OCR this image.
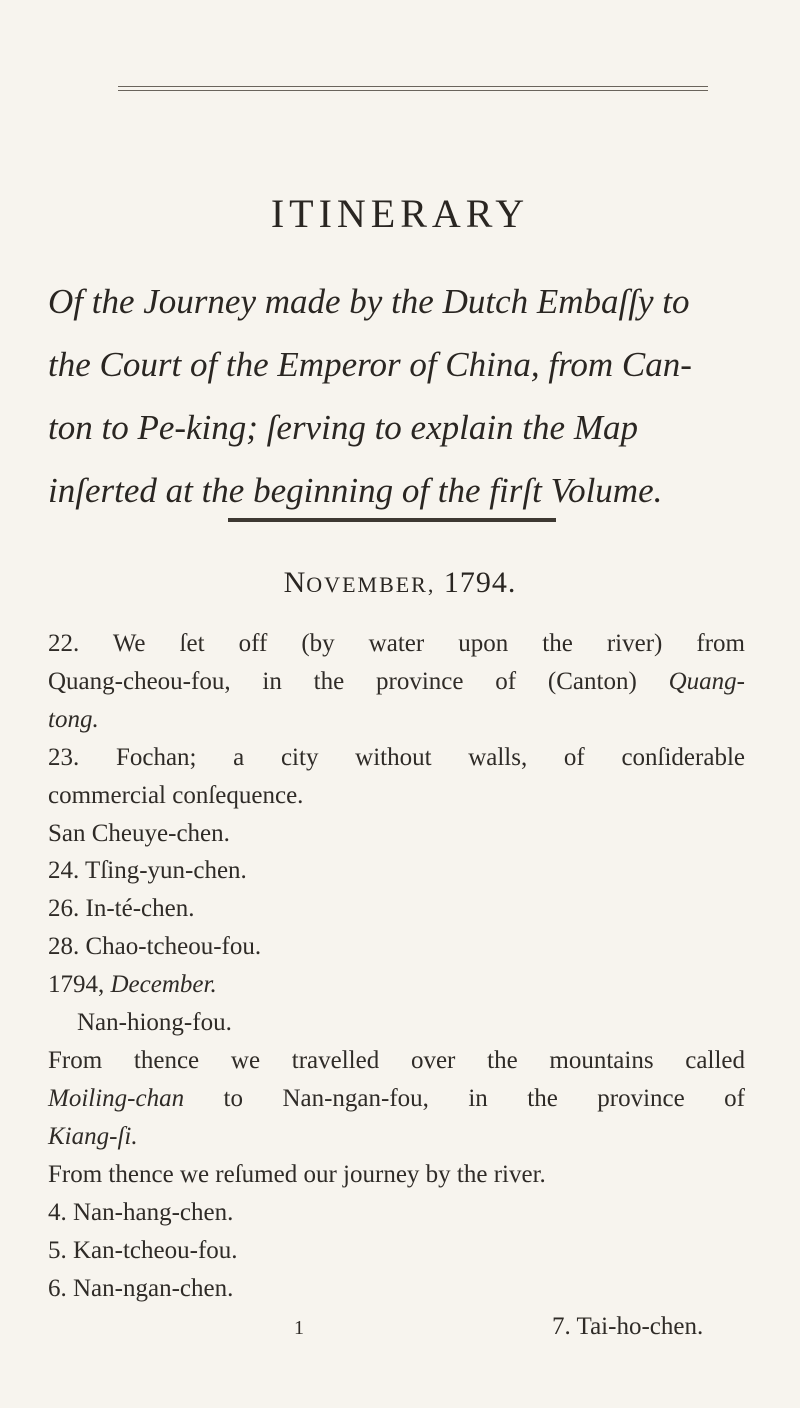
ITINERARY
Of the Journey made by the Dutch Embaſſy to
the Court of the Emperor of China, from Can-
ton to Pe-king; ſerving to explain the Map
inſerted at the beginning of the firſt Volume.
NOVEMBER, 1794.
22. We ſet off (by water upon the river) from
Quang-cheou-fou, in the province of (Canton) Quang-
tong.
23. Fochan; a city without walls, of conſiderable
commercial conſequence.
San Cheuye-chen.
24. Tſing-yun-chen.
26. In-té-chen.
28. Chao-tcheou-fou.
1794, December.
Nan-hiong-fou.
From thence we travelled over the mountains called
Moiling-chan to Nan-ngan-fou, in the province of
Kiang-ſi.
From thence we reſumed our journey by the river.
4. Nan-hang-chen.
5. Kan-tcheou-fou.
6. Nan-ngan-chen.
1	7. Tai-ho-chen.
